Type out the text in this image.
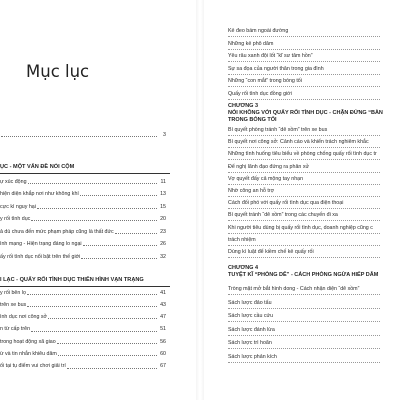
Mục lục
3
ỤC - MỘT VẤN ĐỀ NỔI CỘM
ự xúc động	11
hiện diện khắp nơi như không khí	13
cực kì nguy hại	15
y rối tình dục	20
ả dù chưa đến mức phạm pháp cũng là thất đức	23
ình mạng - Hiện trạng đáng lo ngại	26
ấy rối tình dục nổi bật trên thế giới	32
I LẠC - QUẤY RỐI TÌNH DỤC THIÊN HÌNH VẠN TRẠNG
y rối bên lọ	41
trên xe bus	43
ình dục nơi công sở	47
n từ cấp trên	51
trong hoạt động xã giao	56
ừ và tin nhắn khiêu dâm	60
ối tại tụ điểm vui chơi giải trí	67
Kẻ đeo bám ngoài đường
Những kẻ phô dâm
Yêu râu xanh đội lốt “kĩ sư tâm hồn”
Sự sa đọa của người thân trong gia đình
Những “con mắt” trong bóng tối
Quấy rối tình dục đồng giới
CHƯƠNG 3
NÓI KHÔNG VỚI QUẤY RỐI TÌNH DỤC - CHẶN ĐỨNG “BÀN
TRONG BÓNG TỐI
Bí quyết phòng tránh “dê xồm” trên xe bus
Bí quyết nơi công sở: Cảnh cáo và khiển trách nghiêm khắc
Những tình huống tiêu biểu về phòng chống quấy rối tình dục tr
Để nghị lãnh đạo đứng ra phân xử
Vợ quyết đấy cả mộng tay nhạn
Nhờ công an hỗ trợ
Cách đối phó với quấy rối tình dục qua điện thoại
Bí quyết tránh “dê xồm” trong các chuyến đi xa
Khi người tiêu dùng bị quấy rối tình dục, doanh nghiệp cũng c
trách nhiệm
Dùng kì luật để kiềm chế kẻ quấy rối
CHƯƠNG 4
TUYỆT KĨ “PHÒNG DÊ” - CÁCH PHÒNG NGỪA HIẾP DÂM
Tròng mặt mở bắt hình dong - Cách nhận diện “dê xồm”
Sách lược đảo tẩu
Sách lược cầu cứu
Sách lược đánh lừa
Sách lược trì hoãn
Sách lược phản kích
